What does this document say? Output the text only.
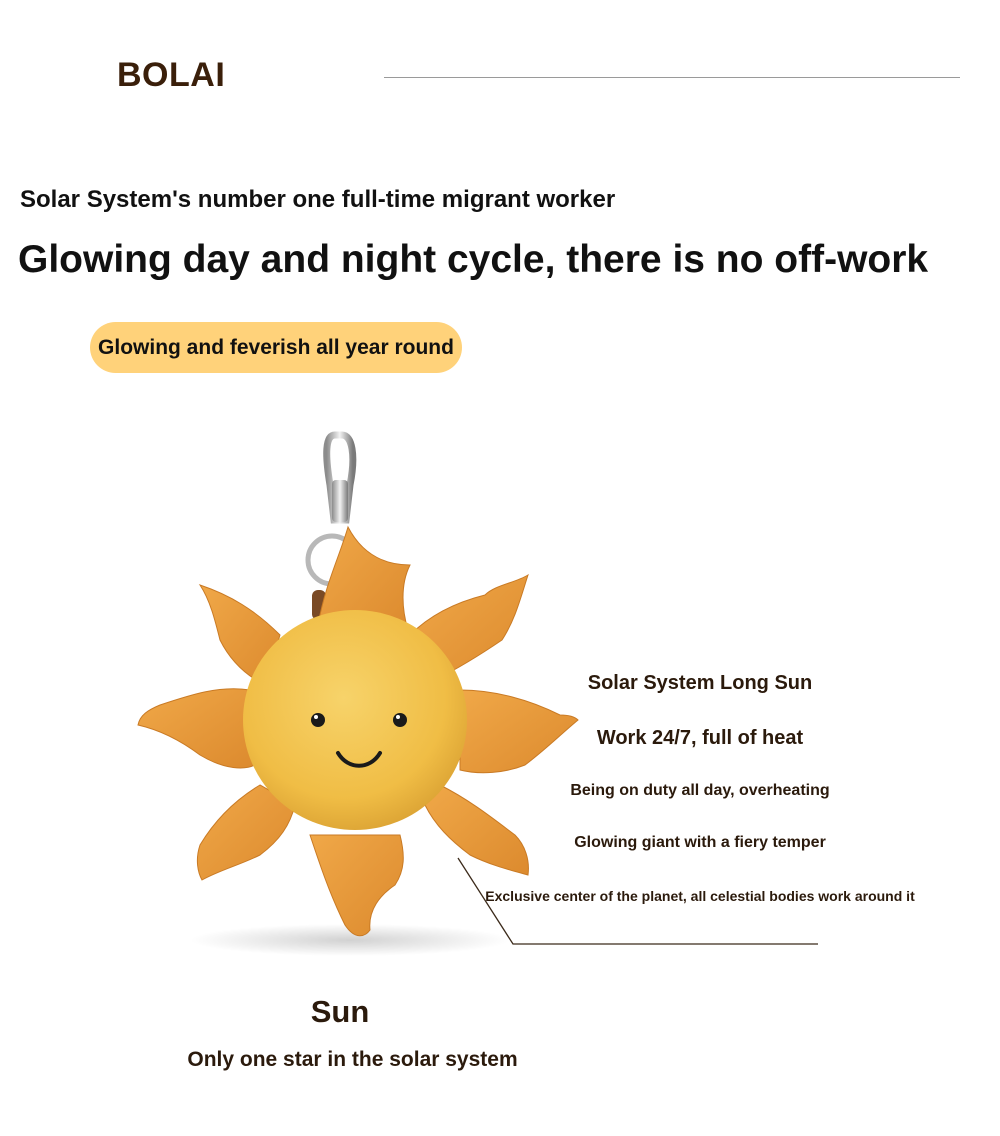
BOLAI
Solar System's number one full-time migrant worker
Glowing day and night cycle, there is no off-work
Glowing and feverish all year round
Solar System Long Sun
Work 24/7, full of heat
Being on duty all day, overheating
Glowing giant with a fiery temper
Exclusive center of the planet, all celestial bodies work around it
Sun
Only one star in the solar system
